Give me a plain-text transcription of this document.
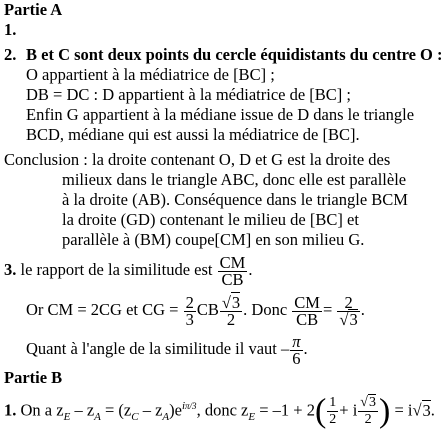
Partie A
1.
2. B et C sont deux points du cercle équidistants du centre O :
O appartient à la médiatrice de [BC] ;
DB = DC : D appartient à la médiatrice de [BC] ;
Enfin G appartient à la médiane issue de D dans le triangle
BCD, médiane qui est aussi la médiatrice de [BC].
Conclusion : la droite contenant O, D et G est la droite des
milieux dans le triangle ABC, donc elle est parallèle
à la droite (AB). Conséquence dans le triangle BCM
la droite (GD) contenant le milieu de [BC] et
parallèle à (BM) coupe[CM] en son milieu G.
3. le rapport de la similitude est $\frac{CM}{CB}$ .
Or CM = 2CG et CG = $\frac{2}{3}$ CB $\frac{√3}{2}$ . Donc $\frac{CM}{CB} = \frac{2}{√3}$ .
Quant à l'angle de la similitude il vaut – $\frac{\pi}{6}$ .
Partie B
1. On a $z_E - z_A = (z_C - z_A)e^{i\pi/3}$, donc $z_E = -1 + 2( \frac{1}{2} + i \frac{√3}{2}$ ) = i√3.
